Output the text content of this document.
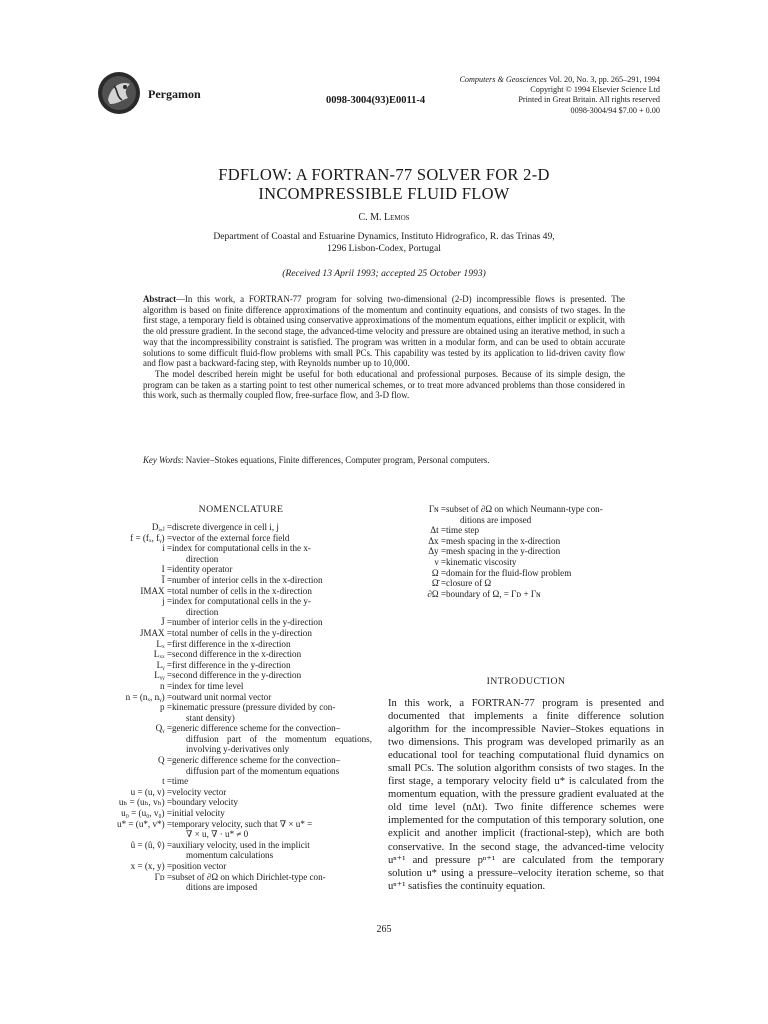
Pergamon	0098-3004(93)E0011-4
Computers & Geosciences Vol. 20, No. 3, pp. 265–291, 1994
Copyright © 1994 Elsevier Science Ltd
Printed in Great Britain. All rights reserved
0098-3004/94 $7.00 + 0.00
FDFLOW: A FORTRAN-77 SOLVER FOR 2-D
INCOMPRESSIBLE FLUID FLOW
C. M. Lemos
Department of Coastal and Estuarine Dynamics, Instituto Hidrografico, R. das Trinas 49,
1296 Lisbon-Codex, Portugal
(Received 13 April 1993; accepted 25 October 1993)

Abstract—In this work, a FORTRAN-77 program for solving two-dimensional (2-D) incompressible flows is presented. The algorithm is based on finite difference approximations of the momentum and continuity equations, and consists of two stages. In the first stage, a temporary field is obtained using conservative approximations of the momentum equations, either implicit or explicit, with the old pressure gradient. In the second stage, the advanced-time velocity and pressure are obtained using an iterative method, in such a way that the incompressibility constraint is satisfied. The program was written in a modular form, and can be used to obtain accurate solutions to some difficult fluid-flow problems with small PCs. This capability was tested by its application to lid-driven cavity flow and flow past a backward-facing step, with Reynolds number up to 10,000.

The model described herein might be useful for both educational and professional purposes. Because of its simple design, the program can be taken as a starting point to test other numerical schemes, or to treat more advanced problems than those considered in this work, such as thermally coupled flow, free-surface flow, and 3-D flow.

Key Words: Navier–Stokes equations, Finite differences, Computer program, Personal computers.
NOMENCLATURE
Dᵢ,ⱼ = discrete divergence in cell i, j
f = (fₓ, fᵧ) = vector of the external force field
i = index for computational cells in the x-
direction
I = identity operator
Ī = number of interior cells in the x-direction
IMAX = total number of cells in the x-direction
j = index for computational cells in the y-
direction
J̄ = number of interior cells in the y-direction
JMAX = total number of cells in the y-direction
Lₓ = first difference in the x-direction
Lₓₓ = second difference in the x-direction
Lᵧ = first difference in the y-direction
Lᵧᵧ = second difference in the y-direction
n = index for time level
n = (nₓ, nᵧ) = outward unit normal vector
p = kinematic pressure (pressure divided by con-
stant density)
Qᵧ = generic difference scheme for the convection–
diffusion part of the momentum equations, involving y-derivatives only
Q = generic difference scheme for the convection–
diffusion part of the momentum equations
t = time
u = (u, v) = velocity vector
uₕ = (uₕ, vₕ) = boundary velocity
u₀ = (u₀, v₀) = initial velocity
u* = (u*, v*) = temporary velocity, such that ∇ × u* =
∇ × u, ∇ · u* ≠ 0
û = (û, v̂) = auxiliary velocity, used in the implicit
momentum calculations
x = (x, y) = position vector
Γᴅ = subset of ∂Ω on which Dirichlet-type con-
ditions are imposed
Γɴ = subset of ∂Ω on which Neumann-type con-
ditions are imposed
Δt = time step
Δx = mesh spacing in the x-direction
Δy = mesh spacing in the y-direction
ν = kinematic viscosity
Ω = domain for the fluid-flow problem
Ω̄ = closure of Ω
∂Ω = boundary of Ω, = Γᴅ + Γɴ
INTRODUCTION

In this work, a FORTRAN-77 program is presented and documented that implements a finite difference solution algorithm for the incompressible Navier–Stokes equations in two dimensions. This program was developed primarily as an educational tool for teaching computational fluid dynamics on small PCs. The solution algorithm consists of two stages. In the first stage, a temporary velocity field u* is calculated from the momentum equation, with the pressure gradient evaluated at the old time level (nΔt). Two finite difference schemes were implemented for the computation of this temporary solution, one explicit and another implicit (fractional-step), which are both conservative. In the second stage, the advanced-time velocity uⁿ⁺¹ and pressure pⁿ⁺¹ are calculated from the temporary solution u* using a pressure–velocity iteration scheme, so that uⁿ⁺¹ satisfies the continuity equation.

265
